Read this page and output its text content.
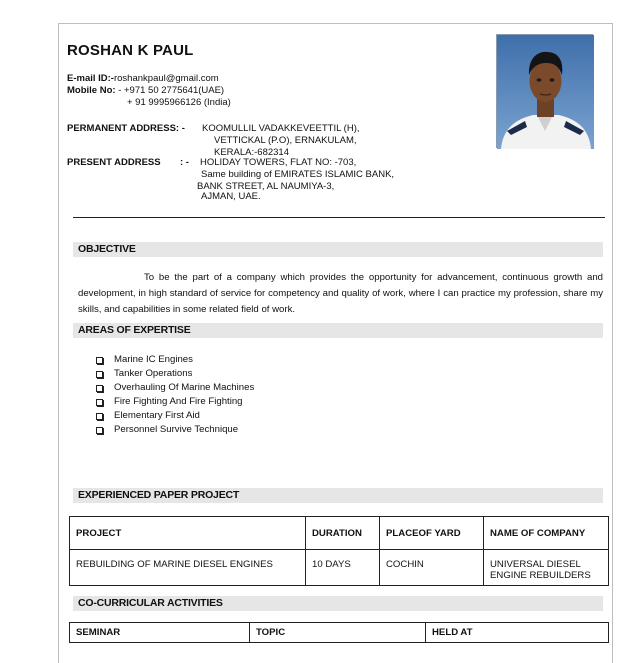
ROSHAN K PAUL
E-mail ID:-roshankpaul@gmail.com
Mobile No: - +971 50 2775641(UAE)
+ 91 9995966126 (India)
PERMANENT ADDRESS: - KOOMULLIL VADAKKEVEETTIL (H),
VETTICKAL (P.O), ERNAKULAM,
KERALA:-682314
PRESENT ADDRESS : - HOLIDAY TOWERS, FLAT NO: -703,
Same building of EMIRATES ISLAMIC BANK,
BANK STREET, AL NAUMIYA-3,
AJMAN, UAE.
OBJECTIVE
To be the part of a company which provides the opportunity for advancement, continuous growth and development, in high standard of service for competency and quality of work, where I can practice my profession, share my skills, and capabilities in some related field of work.
AREAS OF EXPERTISE
Marine IC Engines
Tanker Operations
Overhauling Of Marine Machines
Fire Fighting And Fire Fighting
Elementary First Aid
Personnel Survive Technique
EXPERIENCED PAPER PROJECT
PROJECT	DURATION	PLACEOF YARD	NAME OF COMPANY
REBUILDING OF MARINE DIESEL ENGINES	10 DAYS	COCHIN	UNIVERSAL DIESEL ENGINE REBUILDERS
CO-CURRICULAR ACTIVITIES
SEMINAR	TOPIC	HELD AT
